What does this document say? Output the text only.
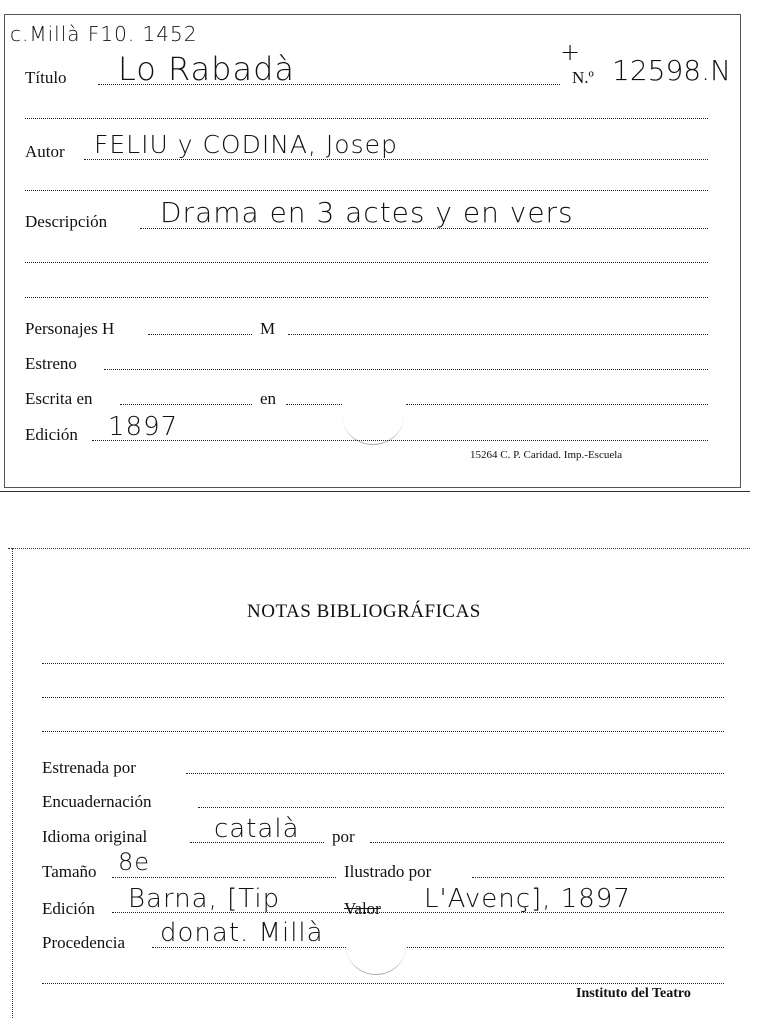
c.Millà F10. 1452
Título Lo Rabadà	+
N.º 12598.N
Autor FELIU y CODINA, Josep
Descripción Drama en 3 actes y en vers
Personajes H	M
Estreno
Escrita en	en
Edición 1897
15264 C. P. Caridad. Imp.-Escuela
NOTAS BIBLIOGRÁFICAS
Estrenada por
Encuadernación
Idioma original	català por
Tamaño 8e	Ilustrado por
Edición Barna, [Tip	Valor L'Avenç], 1897
Procedencia donat. Millà
Instituto del Teatro
